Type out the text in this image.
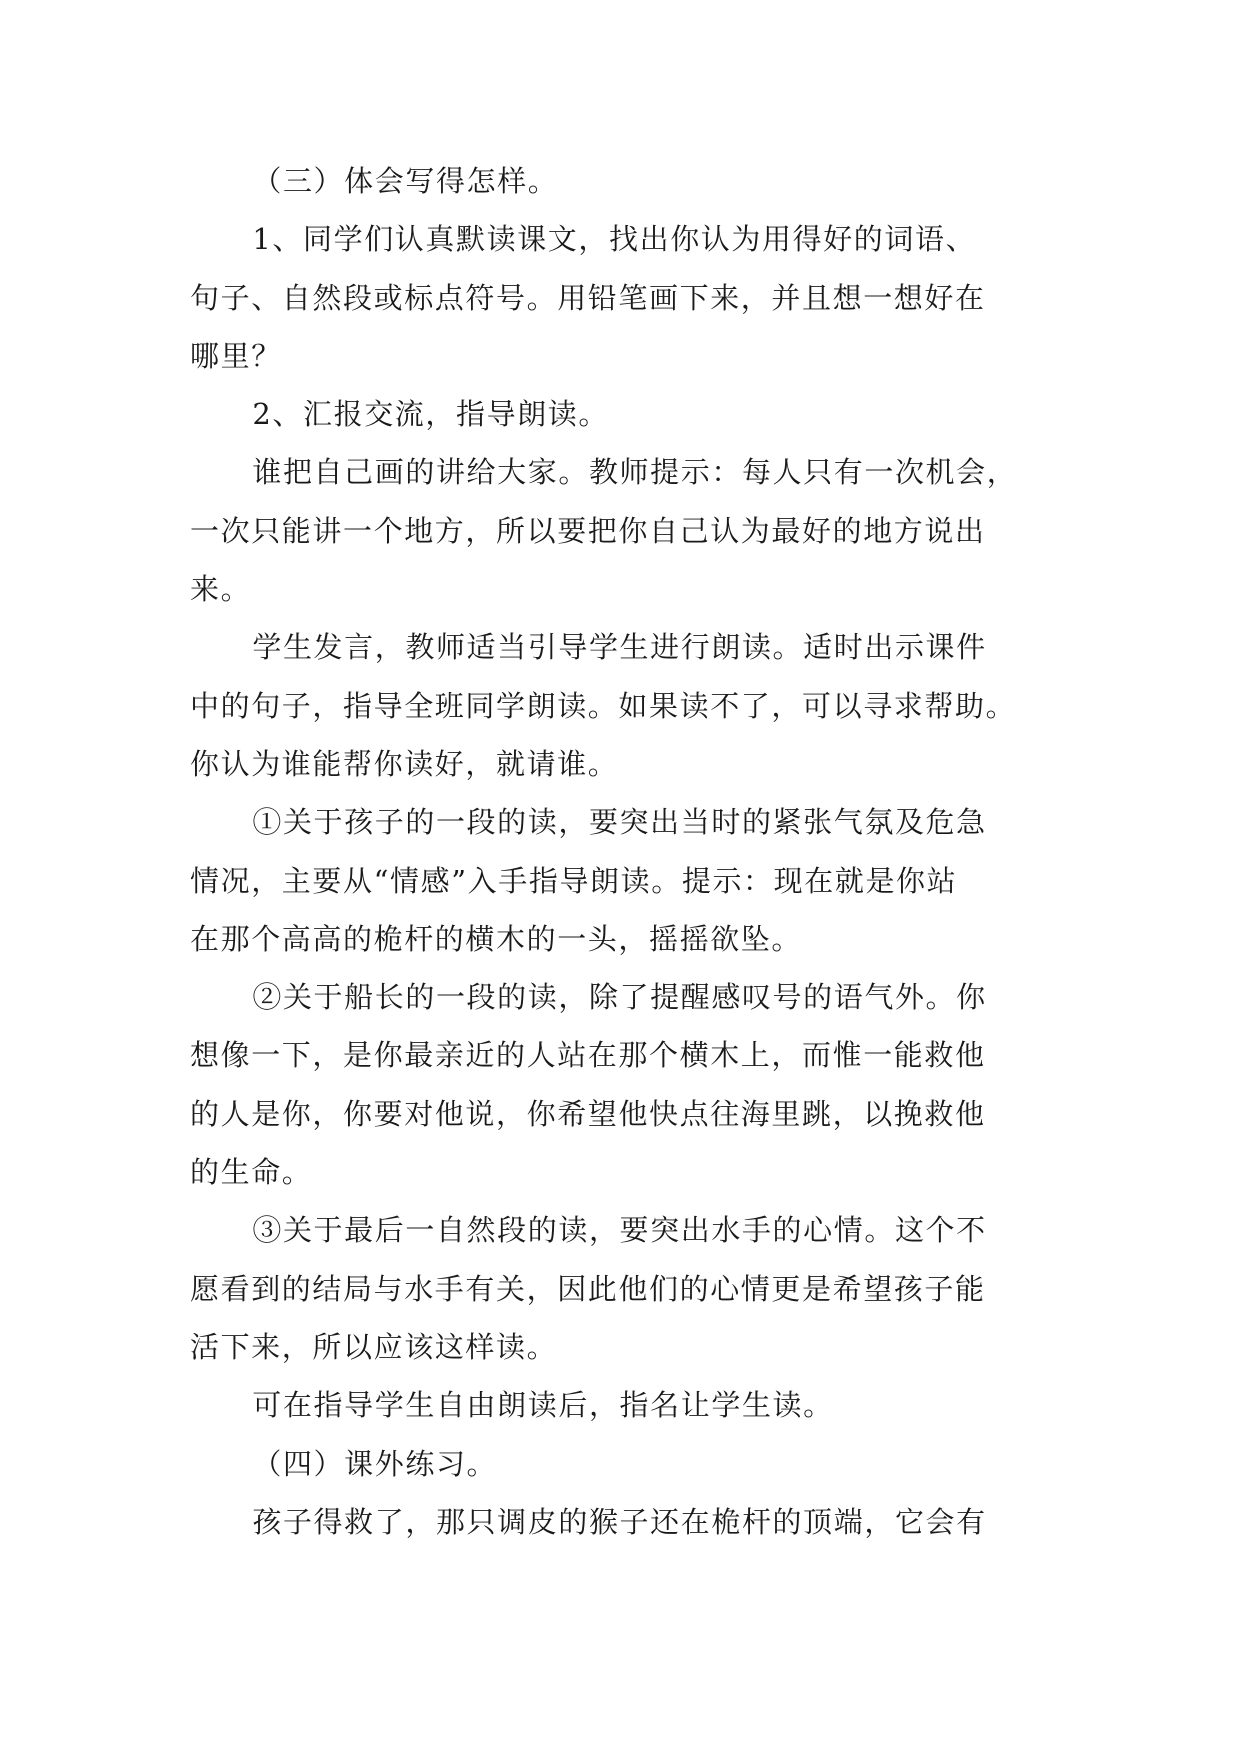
（三）体会写得怎样。
1、同学们认真默读课文，找出你认为用得好的词语、
句子、自然段或标点符号。用铅笔画下来，并且想一想好在
哪里？
2、汇报交流，指导朗读。
谁把自己画的讲给大家。教师提示：每人只有一次机会，
一次只能讲一个地方，所以要把你自己认为最好的地方说出
来。
学生发言，教师适当引导学生进行朗读。适时出示课件
中的句子，指导全班同学朗读。如果读不了，可以寻求帮助。
你认为谁能帮你读好，就请谁。
①关于孩子的一段的读，要突出当时的紧张气氛及危急
情况，主要从“情感”入手指导朗读。提示：现在就是你站
在那个高高的桅杆的横木的一头，摇摇欲坠。
②关于船长的一段的读，除了提醒感叹号的语气外。你
想像一下，是你最亲近的人站在那个横木上，而惟一能救他
的人是你，你要对他说，你希望他快点往海里跳，以挽救他
的生命。
③关于最后一自然段的读，要突出水手的心情。这个不
愿看到的结局与水手有关，因此他们的心情更是希望孩子能
活下来，所以应该这样读。
可在指导学生自由朗读后，指名让学生读。
（四）课外练习。
孩子得救了，那只调皮的猴子还在桅杆的顶端，它会有
